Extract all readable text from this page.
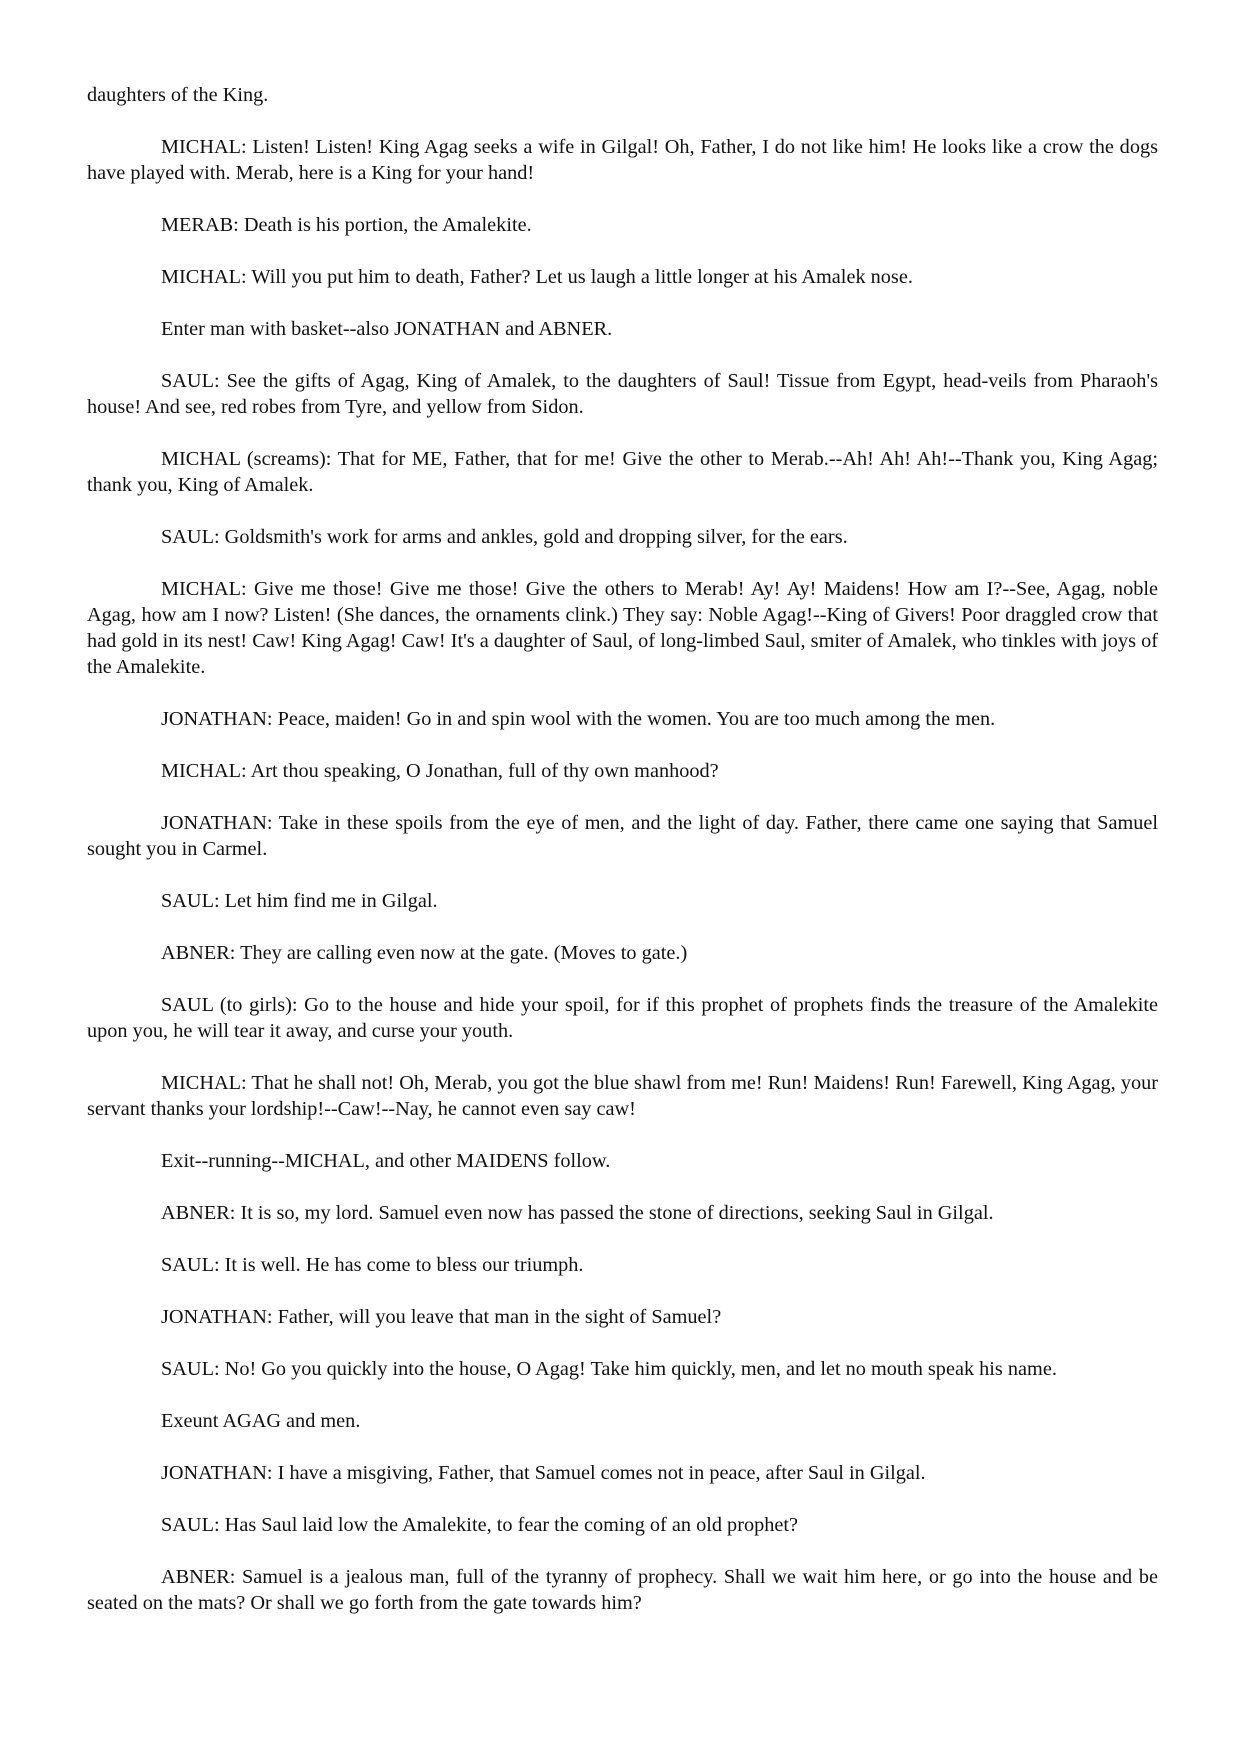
daughters of the King.

MICHAL: Listen! Listen! King Agag seeks a wife in Gilgal! Oh, Father, I do not like him! He looks like a crow the dogs have played with. Merab, here is a King for your hand!

MERAB: Death is his portion, the Amalekite.

MICHAL: Will you put him to death, Father? Let us laugh a little longer at his Amalek nose.

Enter man with basket--also JONATHAN and ABNER.

SAUL: See the gifts of Agag, King of Amalek, to the daughters of Saul! Tissue from Egypt, head-veils from Pharaoh's house! And see, red robes from Tyre, and yellow from Sidon.

MICHAL (screams): That for ME, Father, that for me! Give the other to Merab.--Ah! Ah! Ah!--Thank you, King Agag; thank you, King of Amalek.

SAUL: Goldsmith's work for arms and ankles, gold and dropping silver, for the ears.

MICHAL: Give me those! Give me those! Give the others to Merab! Ay! Ay! Maidens! How am I?--See, Agag, noble Agag, how am I now? Listen! (She dances, the ornaments clink.) They say: Noble Agag!--King of Givers! Poor draggled crow that had gold in its nest! Caw! King Agag! Caw! It's a daughter of Saul, of long-limbed Saul, smiter of Amalek, who tinkles with joys of the Amalekite.

JONATHAN: Peace, maiden! Go in and spin wool with the women. You are too much among the men.

MICHAL: Art thou speaking, O Jonathan, full of thy own manhood?

JONATHAN: Take in these spoils from the eye of men, and the light of day. Father, there came one saying that Samuel sought you in Carmel.

SAUL: Let him find me in Gilgal.

ABNER: They are calling even now at the gate. (Moves to gate.)

SAUL (to girls): Go to the house and hide your spoil, for if this prophet of prophets finds the treasure of the Amalekite upon you, he will tear it away, and curse your youth.

MICHAL: That he shall not! Oh, Merab, you got the blue shawl from me! Run! Maidens! Run! Farewell, King Agag, your servant thanks your lordship!--Caw!--Nay, he cannot even say caw!

Exit--running--MICHAL, and other MAIDENS follow.

ABNER: It is so, my lord. Samuel even now has passed the stone of directions, seeking Saul in Gilgal.

SAUL: It is well. He has come to bless our triumph.

JONATHAN: Father, will you leave that man in the sight of Samuel?

SAUL: No! Go you quickly into the house, O Agag! Take him quickly, men, and let no mouth speak his name.

Exeunt AGAG and men.

JONATHAN: I have a misgiving, Father, that Samuel comes not in peace, after Saul in Gilgal.

SAUL: Has Saul laid low the Amalekite, to fear the coming of an old prophet?

ABNER: Samuel is a jealous man, full of the tyranny of prophecy. Shall we wait him here, or go into the house and be seated on the mats? Or shall we go forth from the gate towards him?
